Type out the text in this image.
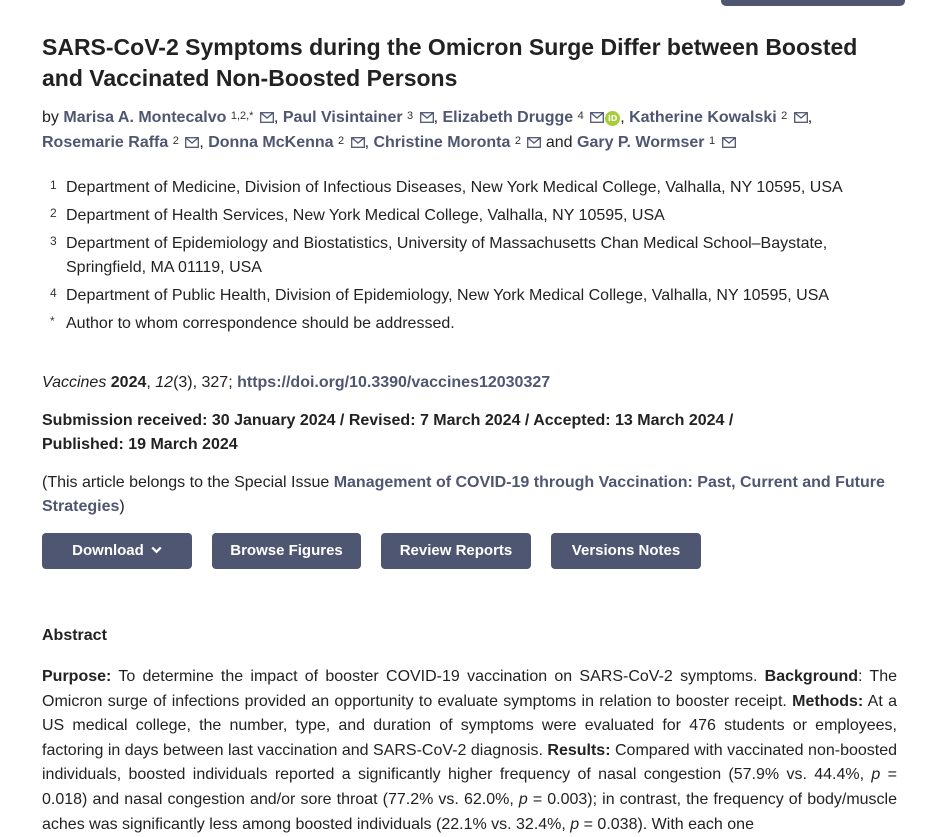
SARS-CoV-2 Symptoms during the Omicron Surge Differ between Boosted and Vaccinated Non-Boosted Persons
by Marisa A. Montecalvo $^{1,2,*}$ , Paul Visintainer $^3$ , Elizabeth Drugge $^4$	iD , Katherine Kowalski $^2$ ,
Rosemarie Raffa $^2$ , Donna McKenna $^2$ , Christine Moronta $^2$ and Gary P. Wormser $^1$
1 Department of Medicine, Division of Infectious Diseases, New York Medical College, Valhalla, NY 10595, USA
2 Department of Health Services, New York Medical College, Valhalla, NY 10595, USA
3 Department of Epidemiology and Biostatistics, University of Massachusetts Chan Medical School–Baystate, Springfield, MA 01119, USA
4 Department of Public Health, Division of Epidemiology, New York Medical College, Valhalla, NY 10595, USA
* Author to whom correspondence should be addressed.
Vaccines 2024, 12(3), 327; https://doi.org/10.3390/vaccines12030327
Submission received: 30 January 2024 / Revised: 7 March 2024 / Accepted: 13 March 2024 / Published: 19 March 2024
(This article belongs to the Special Issue Management of COVID-19 through Vaccination: Past, Current and Future Strategies)
Download	Browse Figures	Review Reports	Versions Notes
Abstract

Purpose: To determine the impact of booster COVID-19 vaccination on SARS-CoV-2 symptoms. Background: The Omicron surge of infections provided an opportunity to evaluate symptoms in relation to booster receipt. Methods: At a US medical college, the number, type, and duration of symptoms were evaluated for 476 students or employees, factoring in days between last vaccination and SARS-CoV-2 diagnosis. Results: Compared with vaccinated non-boosted individuals, boosted individuals reported a significantly higher frequency of nasal congestion (57.9% vs. 44.4%, p = 0.018) and nasal congestion and/or sore throat (77.2% vs. 62.0%, p = 0.003); in contrast, the frequency of body/muscle aches was significantly less among boosted individuals (22.1% vs. 32.4%, p = 0.038). With each one
